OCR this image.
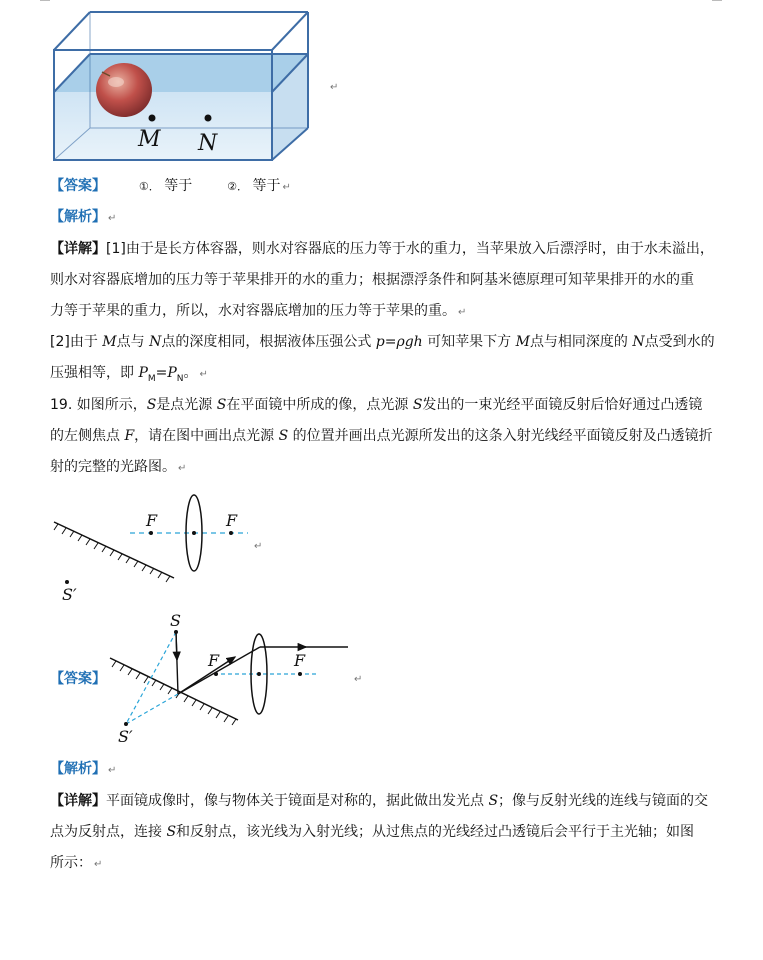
M N
↵
【答案】	①． 等于	②． 等于 ↵
【解析】 ↵
【详解】[1]由于是长方体容器，则水对容器底的压力等于水的重力，当苹果放入后漂浮时，由于水未溢出，
则水对容器底增加的压力等于苹果排开的水的重力；根据漂浮条件和阿基米德原理可知苹果排开的水的重
力等于苹果的重力，所以，水对容器底增加的压力等于苹果的重。 ↵
[2]由于 M点与 N点的深度相同，根据液体压强公式 p=ρgh 可知苹果下方 M点与相同深度的 N点受到水的
压强相等，即 $P_M=P_N$。 ↵
19. 如图所示，S是点光源 S在平面镜中所成的像，点光源 S发出的一束光经平面镜反射后恰好通过凸透镜
的左侧焦点 F，请在图中画出点光源 S 的位置并画出点光源所发出的这条入射光线经平面镜反射及凸透镜折
射的完整的光路图。 ↵
F	F
S′
↵
【答案】
S
F	F
S′
↵
【解析】 ↵
【详解】平面镜成像时，像与物体关于镜面是对称的，据此做出发光点 S；像与反射光线的连线与镜面的交
点为反射点，连接 S和反射点，该光线为入射光线；从过焦点的光线经过凸透镜后会平行于主光轴；如图
所示： ↵
